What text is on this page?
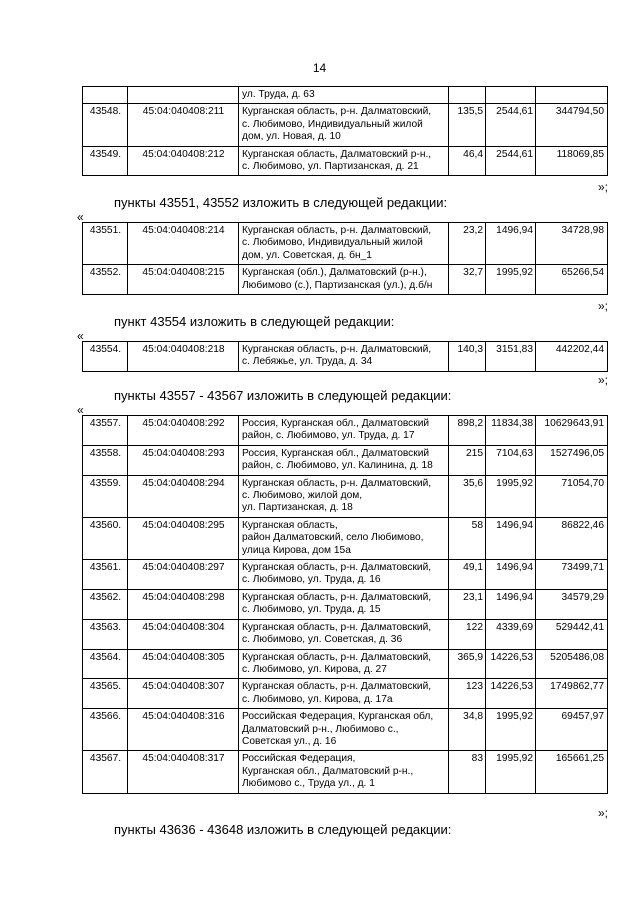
14

		ул. Труда, д. 63			

43548.	45:04:040408:211	Курганская область, р-н. Далматовский,
с. Любимово, Индивидуальный жилой
дом, ул. Новая, д. 10	135,5	2544,61	344794,50
43549.	45:04:040408:212	Курганская область, Далматовский р-н.,
с. Любимово, ул. Партизанская, д. 21	46,4	2544,61	118069,85
»;
пункты 43551, 43552 изложить в следующей редакции:
«
43551.	45:04:040408:214	Курганская область, р-н. Далматовский,
с. Любимово, Индивидуальный жилой
дом, ул. Советская, д. бн_1	23,2	1496,94	34728,98
43552.	45:04:040408:215	Курганская (обл.), Далматовский (р-н.),
Любимово (с.), Партизанская (ул.), д.б/н	32,7	1995,92	65266,54
»;
пункт 43554 изложить в следующей редакции:
«
43554.	45:04:040408:218	Курганская область, р-н. Далматовский,
с. Лебяжье, ул. Труда, д. 34
	140,3	3151,83	442202,44
»;
пункты 43557 - 43567 изложить в следующей редакции:
«
43557.	45:04:040408:292	Россия, Курганская обл., Далматовский
район, с. Любимово, ул. Труда, д. 17	898,2	11834,38	10629643,91
43558.	45:04:040408:293	Россия, Курганская обл., Далматовский
район, с. Любимово, ул. Калинина, д. 18	215	7104,63	1527496,05
43559.	45:04:040408:294	Курганская область, р-н. Далматовский,
с. Любимово, жилой дом,
ул. Партизанская, д. 18	35,6	1995,92	71054,70
43560.	45:04:040408:295	Курганская область,
район Далматовский, село Любимово,
улица Кирова, дом 15а	58	1496,94	86822,46
43561.	45:04:040408:297	Курганская область, р-н. Далматовский,
с. Любимово, ул. Труда, д. 16	49,1	1496,94	73499,71
43562.	45:04:040408:298	Курганская область, р-н. Далматовский,
с. Любимово, ул. Труда, д. 15	23,1	1496,94	34579,29
43563.	45:04:040408:304	Курганская область, р-н. Далматовский,
с. Любимово, ул. Советская, д. 36	122	4339,69	529442,41
43564.	45:04:040408:305	Курганская область, р-н. Далматовский,
с. Любимово, ул. Кирова, д. 27	365,9	14226,53	5205486,08
43565.	45:04:040408:307	Курганская область, р-н. Далматовский,
с. Любимово, ул. Кирова, д. 17а	123	14226,53	1749862,77
43566.	45:04:040408:316	Российская Федерация, Курганская обл,
Далматовский р-н., Любимово с.,
Советская ул., д. 16	34,8	1995,92	69457,97
43567.	45:04:040408:317	Российская Федерация,
Курганская обл., Далматовский р-н.,
Любимово с., Труда ул., д. 1	83	1995,92	165661,25
»;
пункты 43636 - 43648 изложить в следующей редакции:
